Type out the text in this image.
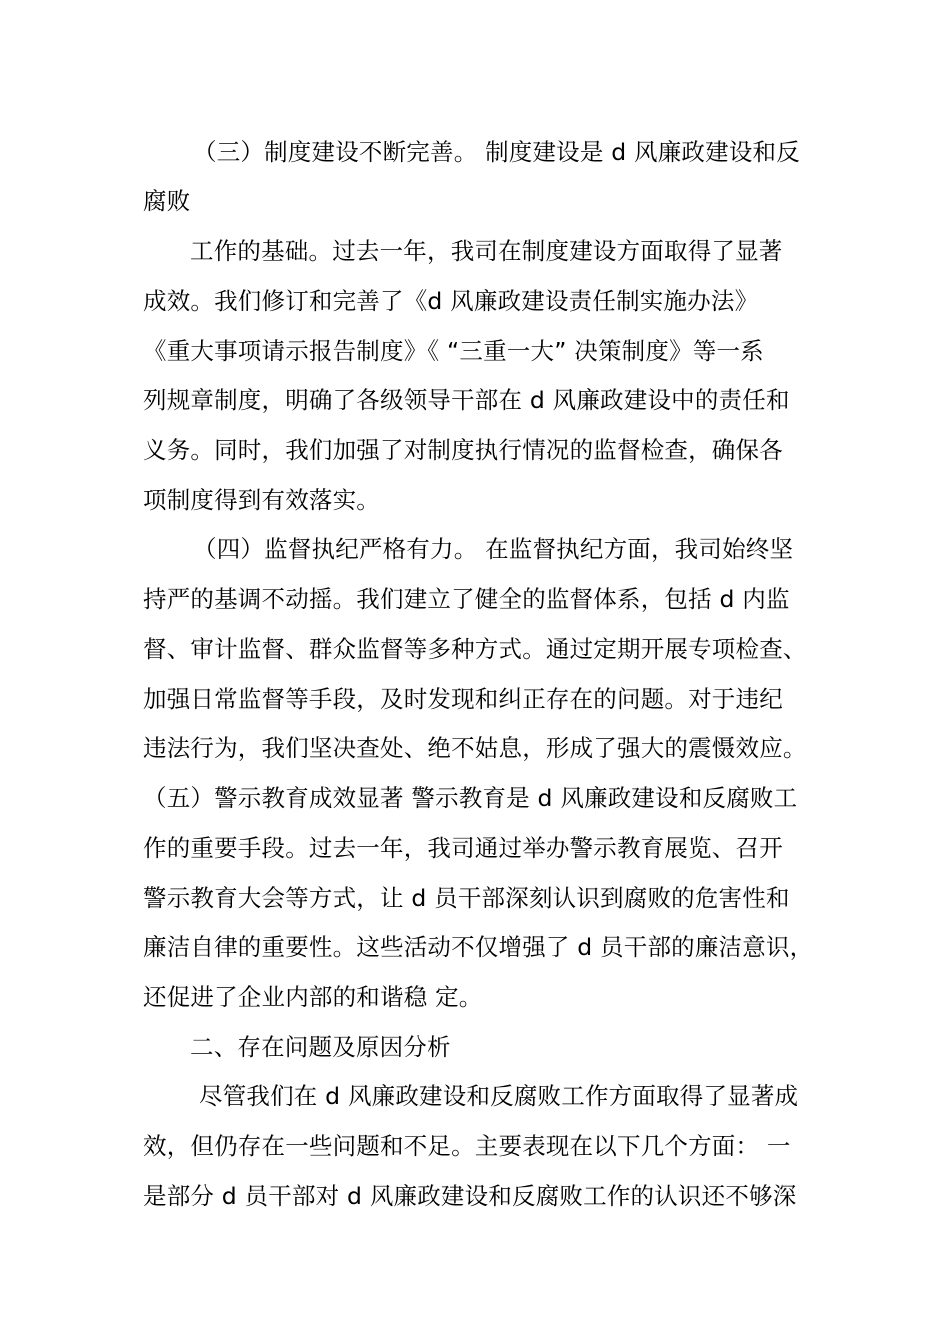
（三）制度建设不断完善。 制度建设是 d 风廉政建设和反
腐败
工作的基础。过去一年，我司在制度建设方面取得了显著
成效。我们修订和完善了《d 风廉政建设责任制实施办法》
《重大事项请示报告制度》《 “三重一大” 决策制度》等一系
列规章制度，明确了各级领导干部在 d 风廉政建设中的责任和
义务。同时，我们加强了对制度执行情况的监督检查，确保各
项制度得到有效落实。
（四）监督执纪严格有力。 在监督执纪方面，我司始终坚
持严的基调不动摇。我们建立了健全的监督体系，包括 d 内监
督、审计监督、群众监督等多种方式。通过定期开展专项检查、
加强日常监督等手段，及时发现和纠正存在的问题。对于违纪
违法行为，我们坚决查处、绝不姑息，形成了强大的震慑效应。
（五）警示教育成效显著 警示教育是 d 风廉政建设和反腐败工
作的重要手段。过去一年，我司通过举办警示教育展览、召开
警示教育大会等方式，让 d 员干部深刻认识到腐败的危害性和
廉洁自律的重要性。这些活动不仅增强了 d 员干部的廉洁意识，
还促进了企业内部的和谐稳 定。
二、存在问题及原因分析
尽管我们在 d 风廉政建设和反腐败工作方面取得了显著成
效，但仍存在一些问题和不足。主要表现在以下几个方面： 一
是部分 d 员干部对 d 风廉政建设和反腐败工作的认识还不够深
